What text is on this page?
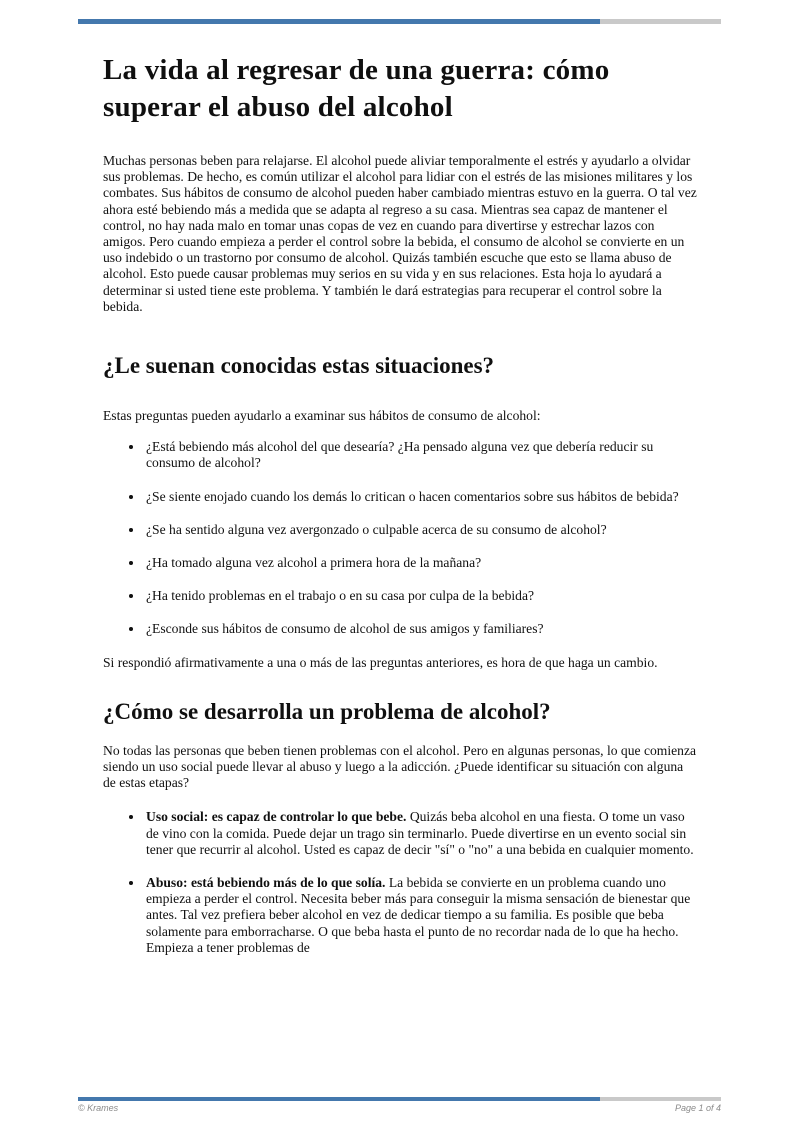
La vida al regresar de una guerra: cómo superar el abuso del alcohol

Muchas personas beben para relajarse. El alcohol puede aliviar temporalmente el estrés y ayudarlo a olvidar sus problemas. De hecho, es común utilizar el alcohol para lidiar con el estrés de las misiones militares y los combates. Sus hábitos de consumo de alcohol pueden haber cambiado mientras estuvo en la guerra. O tal vez ahora esté bebiendo más a medida que se adapta al regreso a su casa. Mientras sea capaz de mantener el control, no hay nada malo en tomar unas copas de vez en cuando para divertirse y estrechar lazos con amigos. Pero cuando empieza a perder el control sobre la bebida, el consumo de alcohol se convierte en un uso indebido o un trastorno por consumo de alcohol. Quizás también escuche que esto se llama abuso de alcohol. Esto puede causar problemas muy serios en su vida y en sus relaciones. Esta hoja lo ayudará a determinar si usted tiene este problema. Y también le dará estrategias para recuperar el control sobre la bebida.

¿Le suenan conocidas estas situaciones?

Estas preguntas pueden ayudarlo a examinar sus hábitos de consumo de alcohol:

• ¿Está bebiendo más alcohol del que desearía? ¿Ha pensado alguna vez que debería reducir su consumo de alcohol?
• ¿Se siente enojado cuando los demás lo critican o hacen comentarios sobre sus hábitos de bebida?
• ¿Se ha sentido alguna vez avergonzado o culpable acerca de su consumo de alcohol?
• ¿Ha tomado alguna vez alcohol a primera hora de la mañana?
• ¿Ha tenido problemas en el trabajo o en su casa por culpa de la bebida?
• ¿Esconde sus hábitos de consumo de alcohol de sus amigos y familiares?

Si respondió afirmativamente a una o más de las preguntas anteriores, es hora de que haga un cambio.

¿Cómo se desarrolla un problema de alcohol?

No todas las personas que beben tienen problemas con el alcohol. Pero en algunas personas, lo que comienza siendo un uso social puede llevar al abuso y luego a la adicción. ¿Puede identificar su situación con alguna de estas etapas?

• Uso social: es capaz de controlar lo que bebe. Quizás beba alcohol en una fiesta. O tome un vaso de vino con la comida. Puede dejar un trago sin terminarlo. Puede divertirse en un evento social sin tener que recurrir al alcohol. Usted es capaz de decir "sí" o "no" a una bebida en cualquier momento.
• Abuso: está bebiendo más de lo que solía. La bebida se convierte en un problema cuando uno empieza a perder el control. Necesita beber más para conseguir la misma sensación de bienestar que antes. Tal vez prefiera beber alcohol en vez de dedicar tiempo a su familia. Es posible que beba solamente para emborracharse. O que beba hasta el punto de no recordar nada de lo que ha hecho. Empieza a tener problemas de
© Krames	Page 1 of 4
